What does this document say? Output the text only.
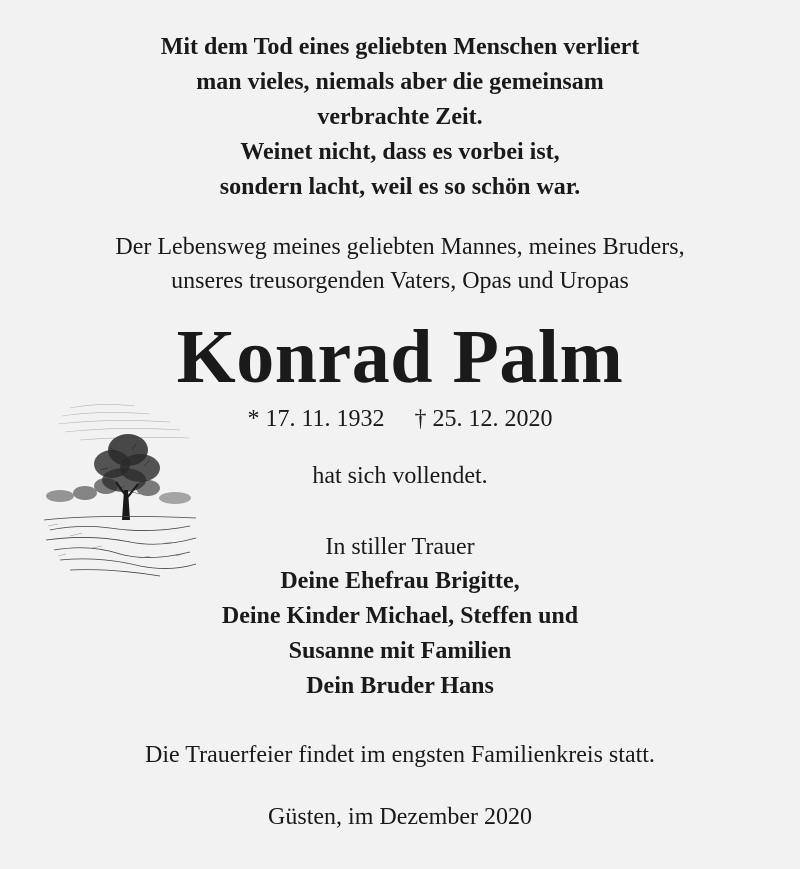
Mit dem Tod eines geliebten Menschen verliert
man vieles, niemals aber die gemeinsam
verbrachte Zeit.
Weinet nicht, dass es vorbei ist,
sondern lacht, weil es so schön war.
Der Lebensweg meines geliebten Mannes, meines Bruders,
unseres treusorgenden Vaters, Opas und Uropas
Konrad Palm
* 17. 11. 1932 † 25. 12. 2020
hat sich vollendet.
In stiller Trauer
Deine Ehefrau Brigitte,
Deine Kinder Michael, Steffen und
Susanne mit Familien
Dein Bruder Hans
Die Trauerfeier findet im engsten Familienkreis statt.
Güsten, im Dezember 2020
